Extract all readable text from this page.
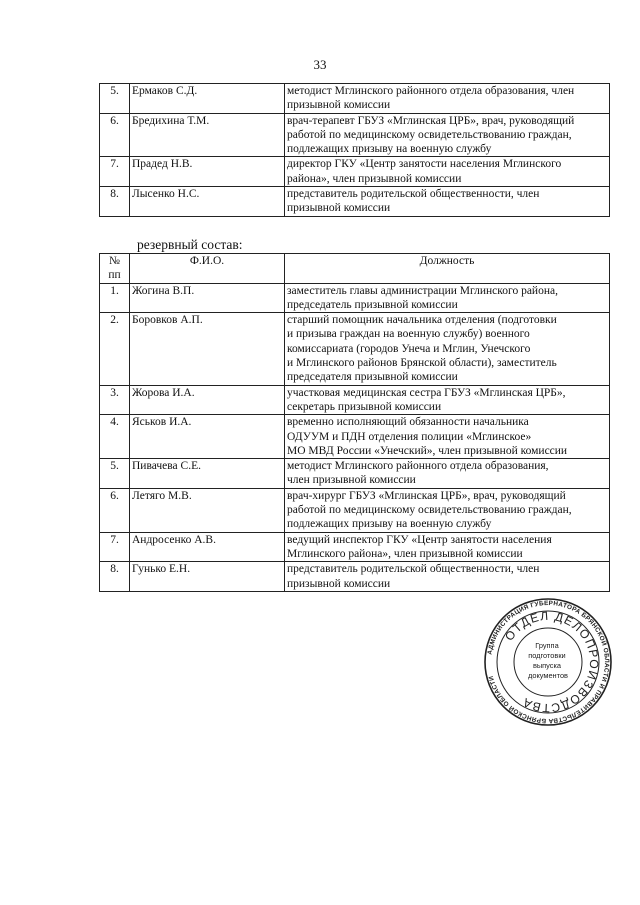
33
5.	Ермаков С.Д.	методист Мглинского районного отдела образования, член
призывной комиссии

6.	Бредихина Т.М.	врач-терапевт ГБУЗ «Мглинская ЦРБ», врач, руководящий
работой по медицинскому освидетельствованию граждан,
подлежащих призыву на военную службу

7.	Прадед Н.В.	директор ГКУ «Центр занятости населения Мглинского
района», член призывной комиссии

8.	Лысенко Н.С.	представитель родительской общественности, член
призывной комиссии
резервный состав:
№ пп	Ф.И.О.	Должность
1.	Жогина В.П.	заместитель главы администрации Мглинского района,
председатель призывной комиссии

2.	Боровков А.П.	старший помощник начальника отделения (подготовки
и призыва граждан на военную службу) военного
комиссариата (городов Унеча и Мглин, Унечского
и Мглинского районов Брянской области), заместитель
председателя призывной комиссии

3.	Жорова И.А.	участковая медицинская сестра ГБУЗ «Мглинская ЦРБ»,
секретарь призывной комиссии

4.	Яськов И.А.	временно исполняющий обязанности начальника
ОДУУМ и ПДН отделения полиции «Мглинское»
МО МВД России «Унечский», член призывной комиссии

5.	Пивачева С.Е.	методист Мглинского районного отдела образования,
член призывной комиссии

6.	Летяго М.В.	врач-хирург ГБУЗ «Мглинская ЦРБ», врач, руководящий
работой по медицинскому освидетельствованию граждан,
подлежащих призыву на военную службу

7.	Андросенко А.В.	ведущий инспектор ГКУ «Центр занятости населения
Мглинского района», член призывной комиссии

8.	Гунько Е.Н.	представитель родительской общественности, член
призывной комиссии
АДМИНИСТРАЦИЯ ГУБЕРНАТОРА БРЯНСКОЙ ОБЛАСТИ И ПРАВИТЕЛЬСТВА БРЯНСКОЙ ОБЛАСТИ
ОТДЕЛ ДЕЛОПРОИЗВОДСТВА
Группа подготовки выпуска документов
